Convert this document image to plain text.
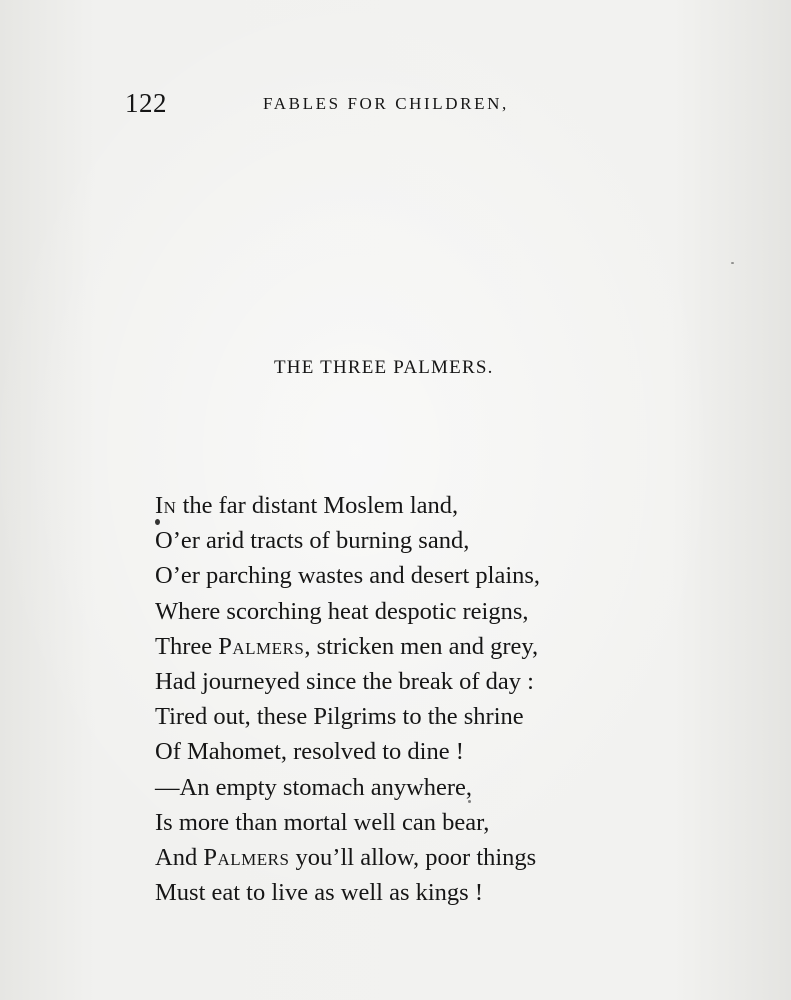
122	FABLES FOR CHILDREN,
THE THREE PALMERS.
In the far distant Moslem land,
O’er arid tracts of burning sand,
O’er parching wastes and desert plains,
Where scorching heat despotic reigns,
Three Palmers, stricken men and grey,
Had journeyed since the break of day :
Tired out, these Pilgrims to the shrine
Of Mahomet, resolved to dine !
—An empty stomach anywhere,
Is more than mortal well can bear,
And Palmers you’ll allow, poor things
Must eat to live as well as kings !
